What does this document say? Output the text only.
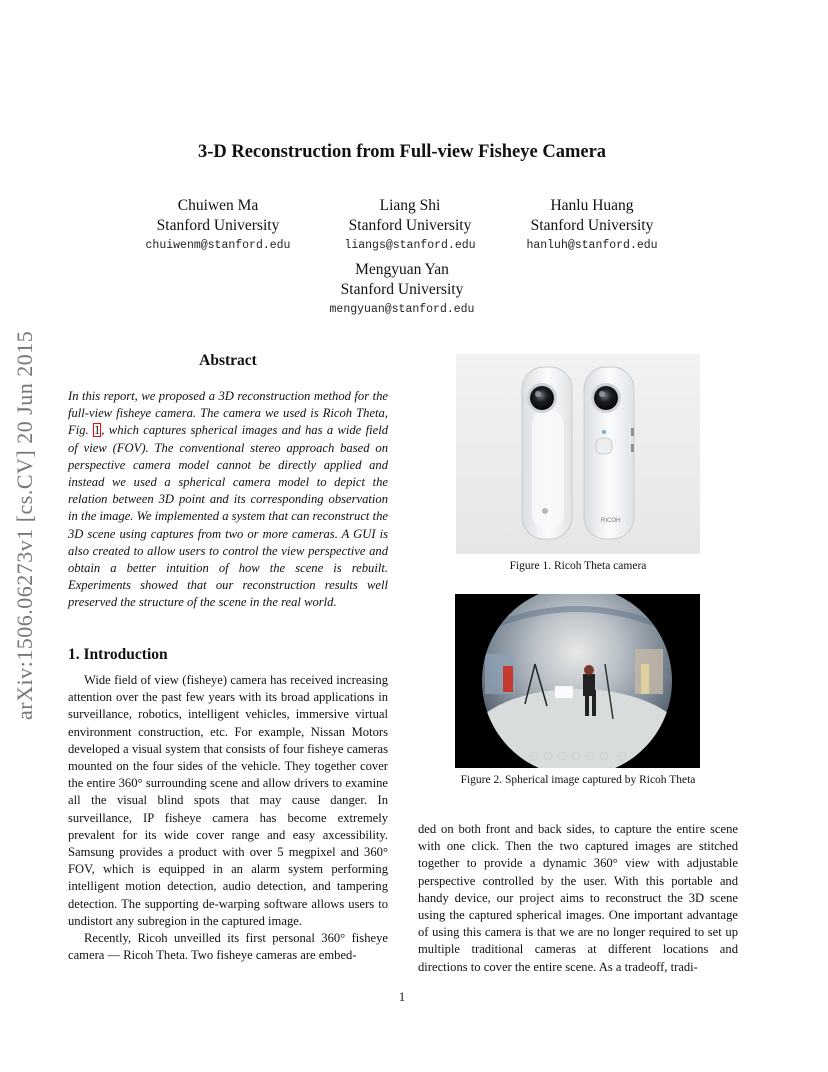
3-D Reconstruction from Full-view Fisheye Camera
Chuiwen Ma
Stanford University
chuiwenm@stanford.edu
Liang Shi
Stanford University
liangs@stanford.edu
Hanlu Huang
Stanford University
hanluh@stanford.edu
Mengyuan Yan
Stanford University
mengyuan@stanford.edu
arXiv:1506.06273v1 [cs.CV] 20 Jun 2015	Abstract
In this report, we proposed a 3D reconstruction method for the full-view fisheye camera. The camera we used is Ricoh Theta, Fig. 1, which captures spherical images and has a wide field of view (FOV). The conventional stereo approach based on perspective camera model cannot be directly applied and instead we used a spherical camera model to depict the relation between 3D point and its corresponding observation in the image. We implemented a system that can reconstruct the 3D scene using captures from two or more cameras. A GUI is also created to allow users to control the view perspective and obtain a better intuition of how the scene is rebuilt. Experiments showed that our reconstruction results well preserved the structure of the scene in the real world.
1. Introduction

Wide field of view (fisheye) camera has received increasing attention over the past few years with its broad applications in surveillance, robotics, intelligent vehicles, immersive virtual environment construction, etc. For example, Nissan Motors developed a visual system that consists of four fisheye cameras mounted on the four sides of the vehicle. They together cover the entire 360° surrounding scene and allow drivers to examine all the visual blind spots that may cause danger. In surveillance, IP fisheye camera has become extremely prevalent for its wide cover range and easy axcessibility. Samsung provides a product with over 5 megpixel and 360° FOV, which is equipped in an alarm system performing intelligent motion detection, audio detection, and tampering detection. The supporting de-warping software allows users to undistort any subregion in the captured image.

Recently, Ricoh unveilled its first personal 360° fisheye camera — Ricoh Theta. Two fisheye cameras are embed-

ded on both front and back sides, to capture the entire scene with one click. Then the two captured images are stitched together to provide a dynamic 360° view with adjustable perspective controlled by the user. With this portable and handy device, our project aims to reconstruct the 3D scene using the captured spherical images. One important advantage of using this camera is that we are no longer required to set up multiple traditional cameras at different locations and directions to cover the entire scene. As a tradeoff, tradi-

RICOH
Figure 1. Ricoh Theta camera
Figure 2. Spherical image captured by Ricoh Theta
1
